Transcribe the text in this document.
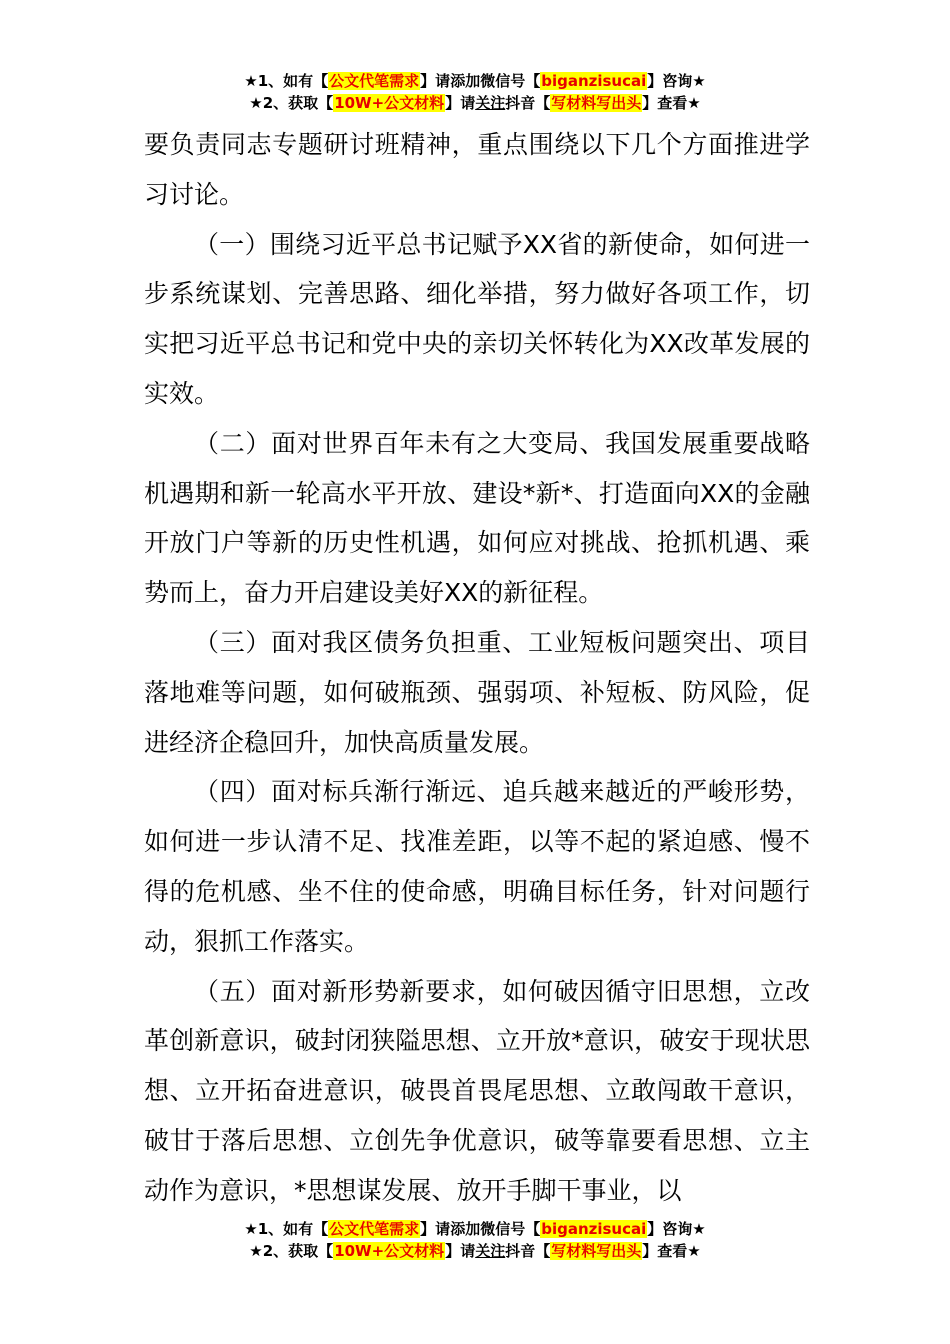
★1、如有【公文代笔需求】请添加微信号【biganzisucai】咨询★
★2、获取【10W+公文材料】请关注抖音【写材料写出头】查看★

要负责同志专题研讨班精神，重点围绕以下几个方面推进学习讨论。

（一）围绕习近平总书记赋予XX省的新使命，如何进一步系统谋划、完善思路、细化举措，努力做好各项工作，切实把习近平总书记和党中央的亲切关怀转化为XX改革发展的实效。

（二）面对世界百年未有之大变局、我国发展重要战略机遇期和新一轮高水平开放、建设*新*、打造面向XX的金融开放门户等新的历史性机遇，如何应对挑战、抢抓机遇、乘势而上，奋力开启建设美好XX的新征程。

（三）面对我区债务负担重、工业短板问题突出、项目落地难等问题，如何破瓶颈、强弱项、补短板、防风险，促进经济企稳回升，加快高质量发展。

（四）面对标兵渐行渐远、追兵越来越近的严峻形势，如何进一步认清不足、找准差距，以等不起的紧迫感、慢不得的危机感、坐不住的使命感，明确目标任务，针对问题行动，狠抓工作落实。

（五）面对新形势新要求，如何破因循守旧思想，立改革创新意识，破封闭狭隘思想、立开放*意识，破安于现状思想、立开拓奋进意识，破畏首畏尾思想、立敢闯敢干意识，破甘于落后思想、立创先争优意识，破等靠要看思想、立主动作为意识，*思想谋发展、放开手脚干事业，以

★1、如有【公文代笔需求】请添加微信号【biganzisucai】咨询★
★2、获取【10W+公文材料】请关注抖音【写材料写出头】查看★
